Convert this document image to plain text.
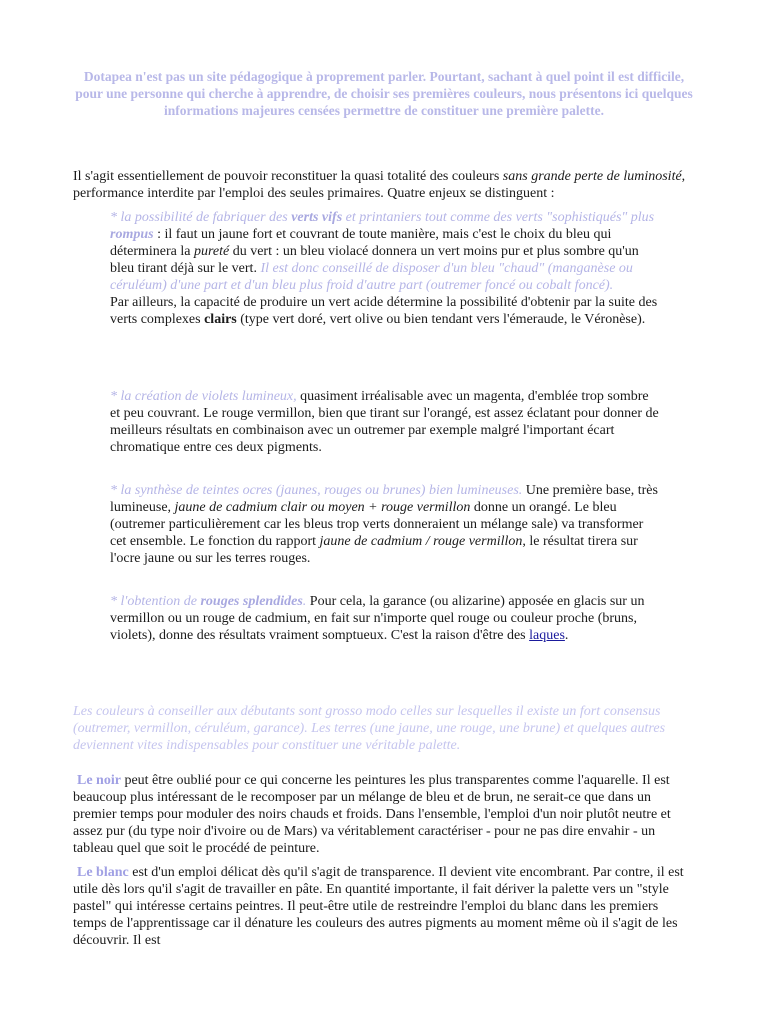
Dotapea n'est pas un site pédagogique à proprement parler. Pourtant, sachant à quel point il est difficile, pour une personne qui cherche à apprendre, de choisir ses premières couleurs, nous présentons ici quelques informations majeures censées permettre de constituer une première palette.

Il s'agit essentiellement de pouvoir reconstituer la quasi totalité des couleurs sans grande perte de luminosité, performance interdite par l'emploi des seules primaires. Quatre enjeux se distinguent :

* la possibilité de fabriquer des verts vifs et printaniers tout comme des verts "sophistiqués" plus rompus : il faut un jaune fort et couvrant de toute manière, mais c'est le choix du bleu qui déterminera la pureté du vert : un bleu violacé donnera un vert moins pur et plus sombre qu'un bleu tirant déjà sur le vert. Il est donc conseillé de disposer d'un bleu "chaud" (manganèse ou céruléum) d'une part et d'un bleu plus froid d'autre part (outremer foncé ou cobalt foncé).
Par ailleurs, la capacité de produire un vert acide détermine la possibilité d'obtenir par la suite des verts complexes clairs (type vert doré, vert olive ou bien tendant vers l'émeraude, le Véronèse).

* la création de violets lumineux, quasiment irréalisable avec un magenta, d'emblée trop sombre et peu couvrant. Le rouge vermillon, bien que tirant sur l'orangé, est assez éclatant pour donner de meilleurs résultats en combinaison avec un outremer par exemple malgré l'important écart chromatique entre ces deux pigments.

* la synthèse de teintes ocres (jaunes, rouges ou brunes) bien lumineuses. Une première base, très lumineuse, jaune de cadmium clair ou moyen + rouge vermillon donne un orangé. Le bleu (outremer particulièrement car les bleus trop verts donneraient un mélange sale) va transformer cet ensemble. Le fonction du rapport jaune de cadmium / rouge vermillon, le résultat tirera sur l'ocre jaune ou sur les terres rouges.

* l'obtention de rouges splendides. Pour cela, la garance (ou alizarine) apposée en glacis sur un vermillon ou un rouge de cadmium, en fait sur n'importe quel rouge ou couleur proche (bruns, violets), donne des résultats vraiment somptueux. C'est la raison d'être des laques.

Les couleurs à conseiller aux débutants sont grosso modo celles sur lesquelles il existe un fort consensus (outremer, vermillon, céruléum, garance). Les terres (une jaune, une rouge, une brune) et quelques autres deviennent vites indispensables pour constituer une véritable palette.

Le noir peut être oublié pour ce qui concerne les peintures les plus transparentes comme l'aquarelle. Il est beaucoup plus intéressant de le recomposer par un mélange de bleu et de brun, ne serait-ce que dans un premier temps pour moduler des noirs chauds et froids. Dans l'ensemble, l'emploi d'un noir plutôt neutre et assez pur (du type noir d'ivoire ou de Mars) va véritablement caractériser - pour ne pas dire envahir - un tableau quel que soit le procédé de peinture.

Le blanc est d'un emploi délicat dès qu'il s'agit de transparence. Il devient vite encombrant. Par contre, il est utile dès lors qu'il s'agit de travailler en pâte. En quantité importante, il fait dériver la palette vers un "style pastel" qui intéresse certains peintres. Il peut-être utile de restreindre l'emploi du blanc dans les premiers temps de l'apprentissage car il dénature les couleurs des autres pigments au moment même où il s'agit de les découvrir. Il est
